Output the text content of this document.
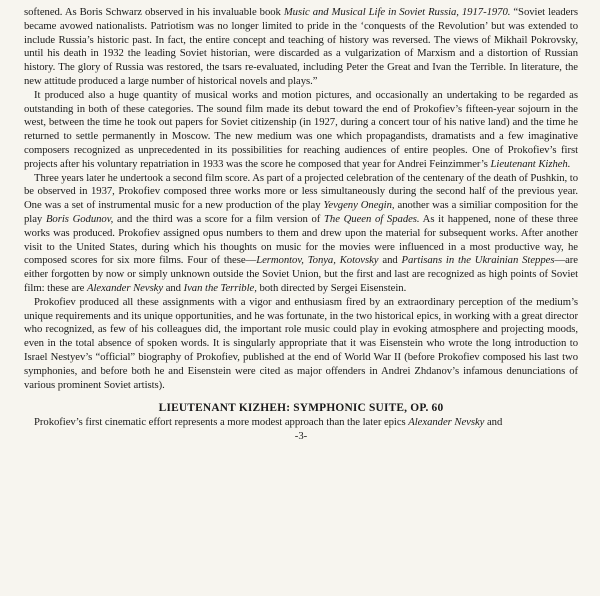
softened. As Boris Schwarz observed in his invaluable book Music and Musical Life in Soviet Russia, 1917-1970. “Soviet leaders became avowed nationalists. Patriotism was no longer limited to pride in the ‘conquests of the Revolution’ but was extended to include Russia’s historic past. In fact, the entire concept and teaching of history was reversed. The views of Mikhail Pokrovsky, until his death in 1932 the leading Soviet historian, were discarded as a vulgarization of Marxism and a distortion of Russian history. The glory of Russia was restored, the tsars re-evaluated, including Peter the Great and Ivan the Terrible. In literature, the new attitude produced a large number of historical novels and plays.”

It produced also a huge quantity of musical works and motion pictures, and occasionally an undertaking to be regarded as outstanding in both of these categories. The sound film made its debut toward the end of Prokofiev’s fifteen-year sojourn in the west, between the time he took out papers for Soviet citizenship (in 1927, during a concert tour of his native land) and the time he returned to settle permanently in Moscow. The new medium was one which propagandists, dramatists and a few imaginative composers recognized as unprecedented in its possibilities for reaching audiences of entire peoples. One of Prokofiev’s first projects after his voluntary repatriation in 1933 was the score he composed that year for Andrei Feinzimmer’s Lieutenant Kizheh.

Three years later he undertook a second film score. As part of a projected celebration of the centenary of the death of Pushkin, to be observed in 1937, Prokofiev composed three works more or less simultaneously during the second half of the previous year. One was a set of instrumental music for a new production of the play Yevgeny Onegin, another was a similiar composition for the play Boris Godunov, and the third was a score for a film version of The Queen of Spades. As it happened, none of these three works was produced. Prokofiev assigned opus numbers to them and drew upon the material for subsequent works. After another visit to the United States, during which his thoughts on music for the movies were influenced in a most productive way, he composed scores for six more films. Four of these—Lermontov, Tonya, Kotovsky and Partisans in the Ukrainian Steppes—are either forgotten by now or simply unknown outside the Soviet Union, but the first and last are recognized as high points of Soviet film: these are Alexander Nevsky and Ivan the Terrible, both directed by Sergei Eisenstein.

Prokofiev produced all these assignments with a vigor and enthusiasm fired by an extraordinary perception of the medium’s unique requirements and its unique opportunities, and he was fortunate, in the two historical epics, in working with a great director who recognized, as few of his colleagues did, the important role music could play in evoking atmosphere and projecting moods, even in the total absence of spoken words. It is singularly appropriate that it was Eisenstein who wrote the long introduction to Israel Nestyev’s “official” biography of Prokofiev, published at the end of World War II (before Prokofiev composed his last two symphonies, and before both he and Eisenstein were cited as major offenders in Andrei Zhdanov’s infamous denunciations of various prominent Soviet artists).

LIEUTENANT KIZHEH: SYMPHONIC SUITE, OP. 60

Prokofiev’s first cinematic effort represents a more modest approach than the later epics Alexander Nevsky and

-3-
